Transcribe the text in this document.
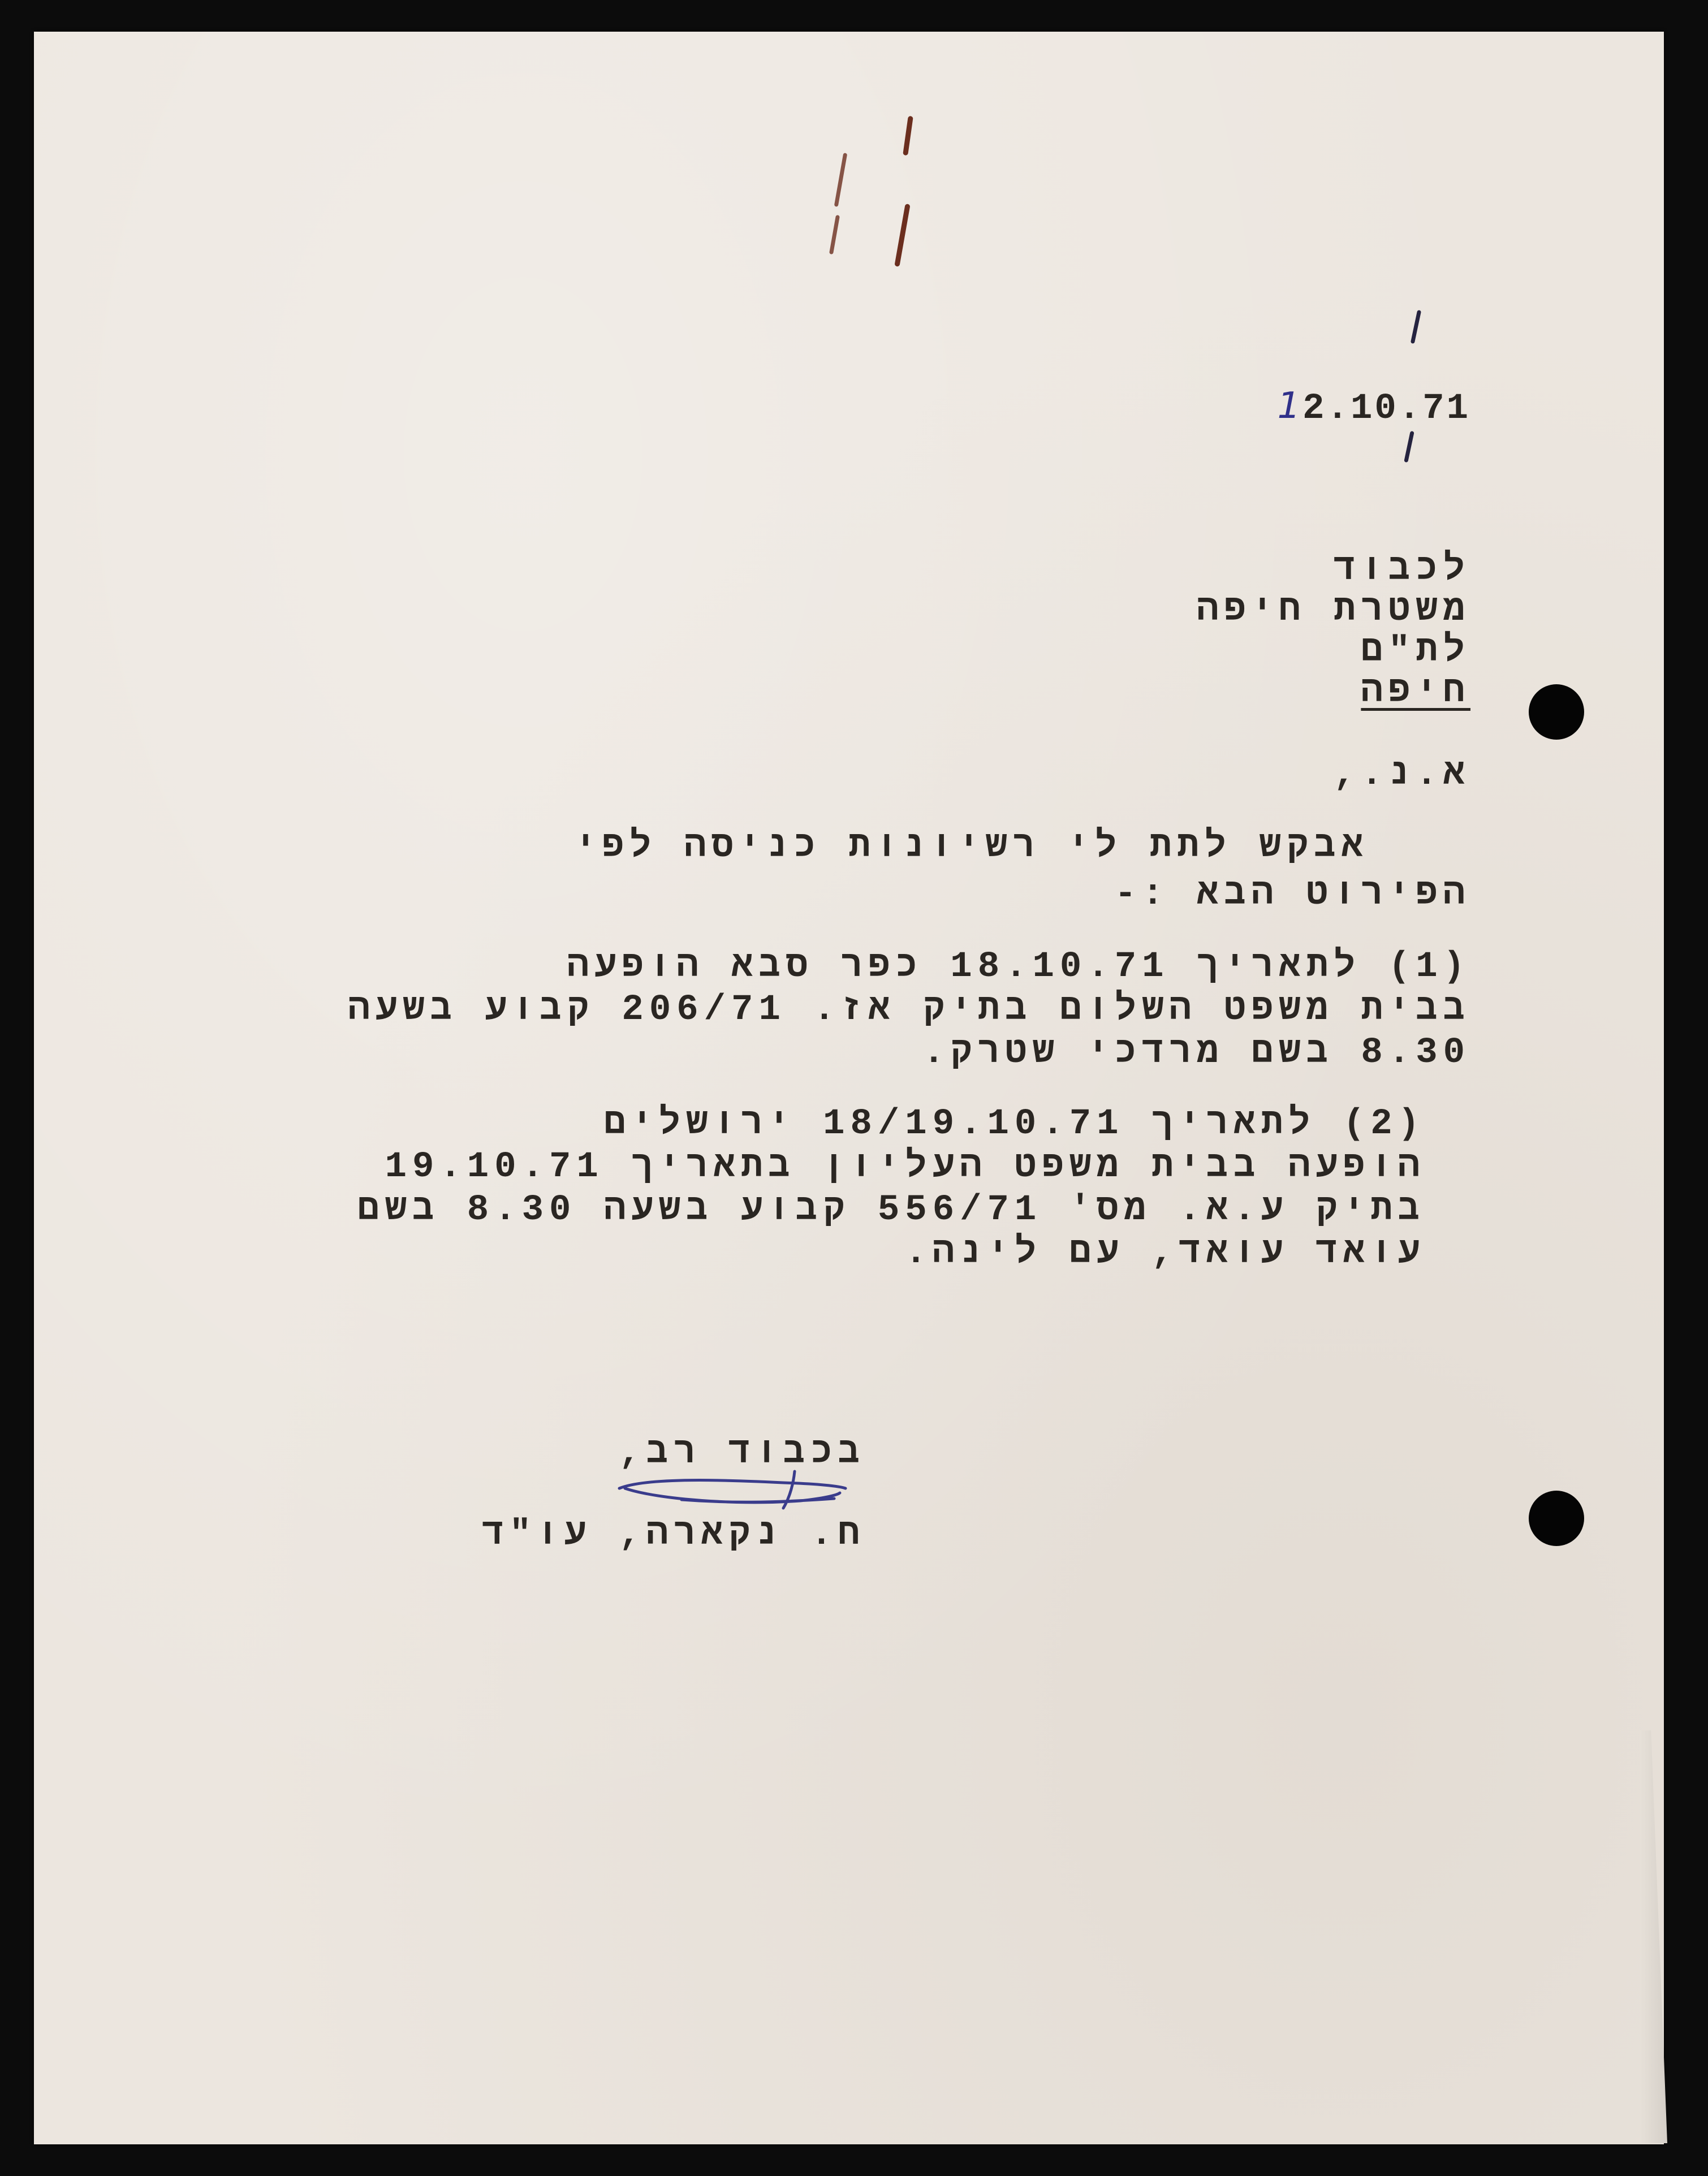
12.10.71
לכבוד
משטרת חיפה
לת"ם
חיפה
א.נ.,
אבקש לתת לי רשיונות כניסה לפי
הפירוט הבא :-
(1) לתאריך 18.10.71 כפר סבא הופעה
בבית משפט השלום בתיק אז. 206/71 קבוע בשעה
8.30 בשם מרדכי שטרק.
(2) לתאריך 18/19.10.71 ירושלים
הופעה בבית משפט העליון בתאריך 19.10.71
בתיק ע.א. מס' 556/71 קבוע בשעה 8.30 בשם
עואד עואד, עם לינה.
בכבוד רב,
ח. נקארה, עו"ד
